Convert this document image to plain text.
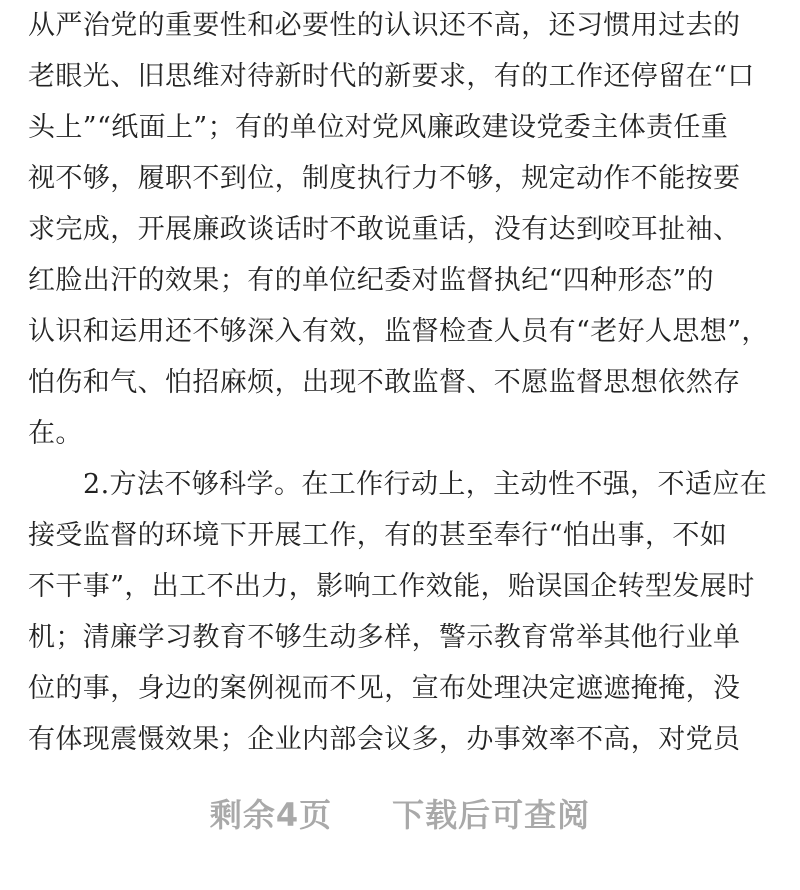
从严治党的重要性和必要性的认识还不高，还习惯用过去的
老眼光、旧思维对待新时代的新要求，有的工作还停留在“口
头上”“纸面上”；有的单位对党风廉政建设党委主体责任重
视不够，履职不到位，制度执行力不够，规定动作不能按要
求完成，开展廉政谈话时不敢说重话，没有达到咬耳扯袖、
红脸出汗的效果；有的单位纪委对监督执纪“四种形态”的
认识和运用还不够深入有效，监督检查人员有“老好人思想”，
怕伤和气、怕招麻烦，出现不敢监督、不愿监督思想依然存
在。
2.方法不够科学。在工作行动上，主动性不强，不适应在
接受监督的环境下开展工作，有的甚至奉行“怕出事，不如
不干事”，出工不出力，影响工作效能，贻误国企转型发展时
机；清廉学习教育不够生动多样，警示教育常举其他行业单
位的事，身边的案例视而不见，宣布处理决定遮遮掩掩，没
有体现震慑效果；企业内部会议多，办事效率不高，对党员
剩余4页 下载后可查阅
